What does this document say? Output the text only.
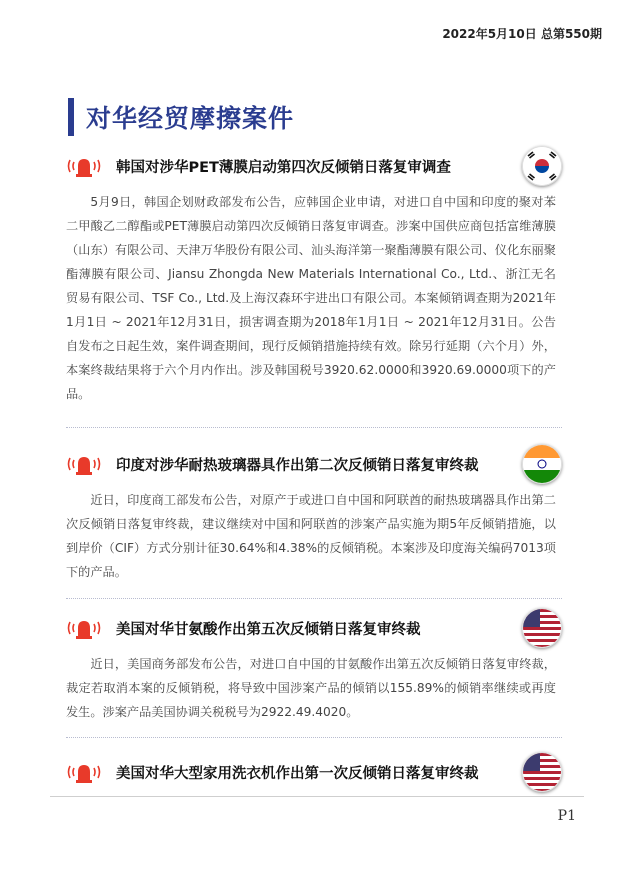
2022年5月10日 总第550期
对华经贸摩擦案件
韩国对涉华PET薄膜启动第四次反倾销日落复审调查

5月9日，韩国企划财政部发布公告，应韩国企业申请，对进口自中国和印度的聚对苯二甲酸乙二醇酯或PET薄膜启动第四次反倾销日落复审调查。涉案中国供应商包括富维薄膜（山东）有限公司、天津万华股份有限公司、汕头海洋第一聚酯薄膜有限公司、仪化东丽聚酯薄膜有限公司、Jiansu Zhongda New Materials International Co., Ltd.、浙江无名贸易有限公司、TSF Co., Ltd.及上海汉森环宇进出口有限公司。本案倾销调查期为2021年1月1日 ~ 2021年12月31日，损害调查期为2018年1月1日 ~ 2021年12月31日。公告自发布之日起生效，案件调查期间，现行反倾销措施持续有效。除另行延期（六个月）外，本案终裁结果将于六个月内作出。涉及韩国税号3920.62.0000和3920.69.0000项下的产品。

印度对涉华耐热玻璃器具作出第二次反倾销日落复审终裁

近日，印度商工部发布公告，对原产于或进口自中国和阿联酋的耐热玻璃器具作出第二次反倾销日落复审终裁，建议继续对中国和阿联酋的涉案产品实施为期5年反倾销措施，以到岸价（CIF）方式分别计征30.64%和4.38%的反倾销税。本案涉及印度海关编码7013项下的产品。

美国对华甘氨酸作出第五次反倾销日落复审终裁

近日，美国商务部发布公告，对进口自中国的甘氨酸作出第五次反倾销日落复审终裁，裁定若取消本案的反倾销税，将导致中国涉案产品的倾销以155.89%的倾销率继续或再度发生。涉案产品美国协调关税税号为2922.49.4020。

美国对华大型家用洗衣机作出第一次反倾销日落复审终裁
P1
